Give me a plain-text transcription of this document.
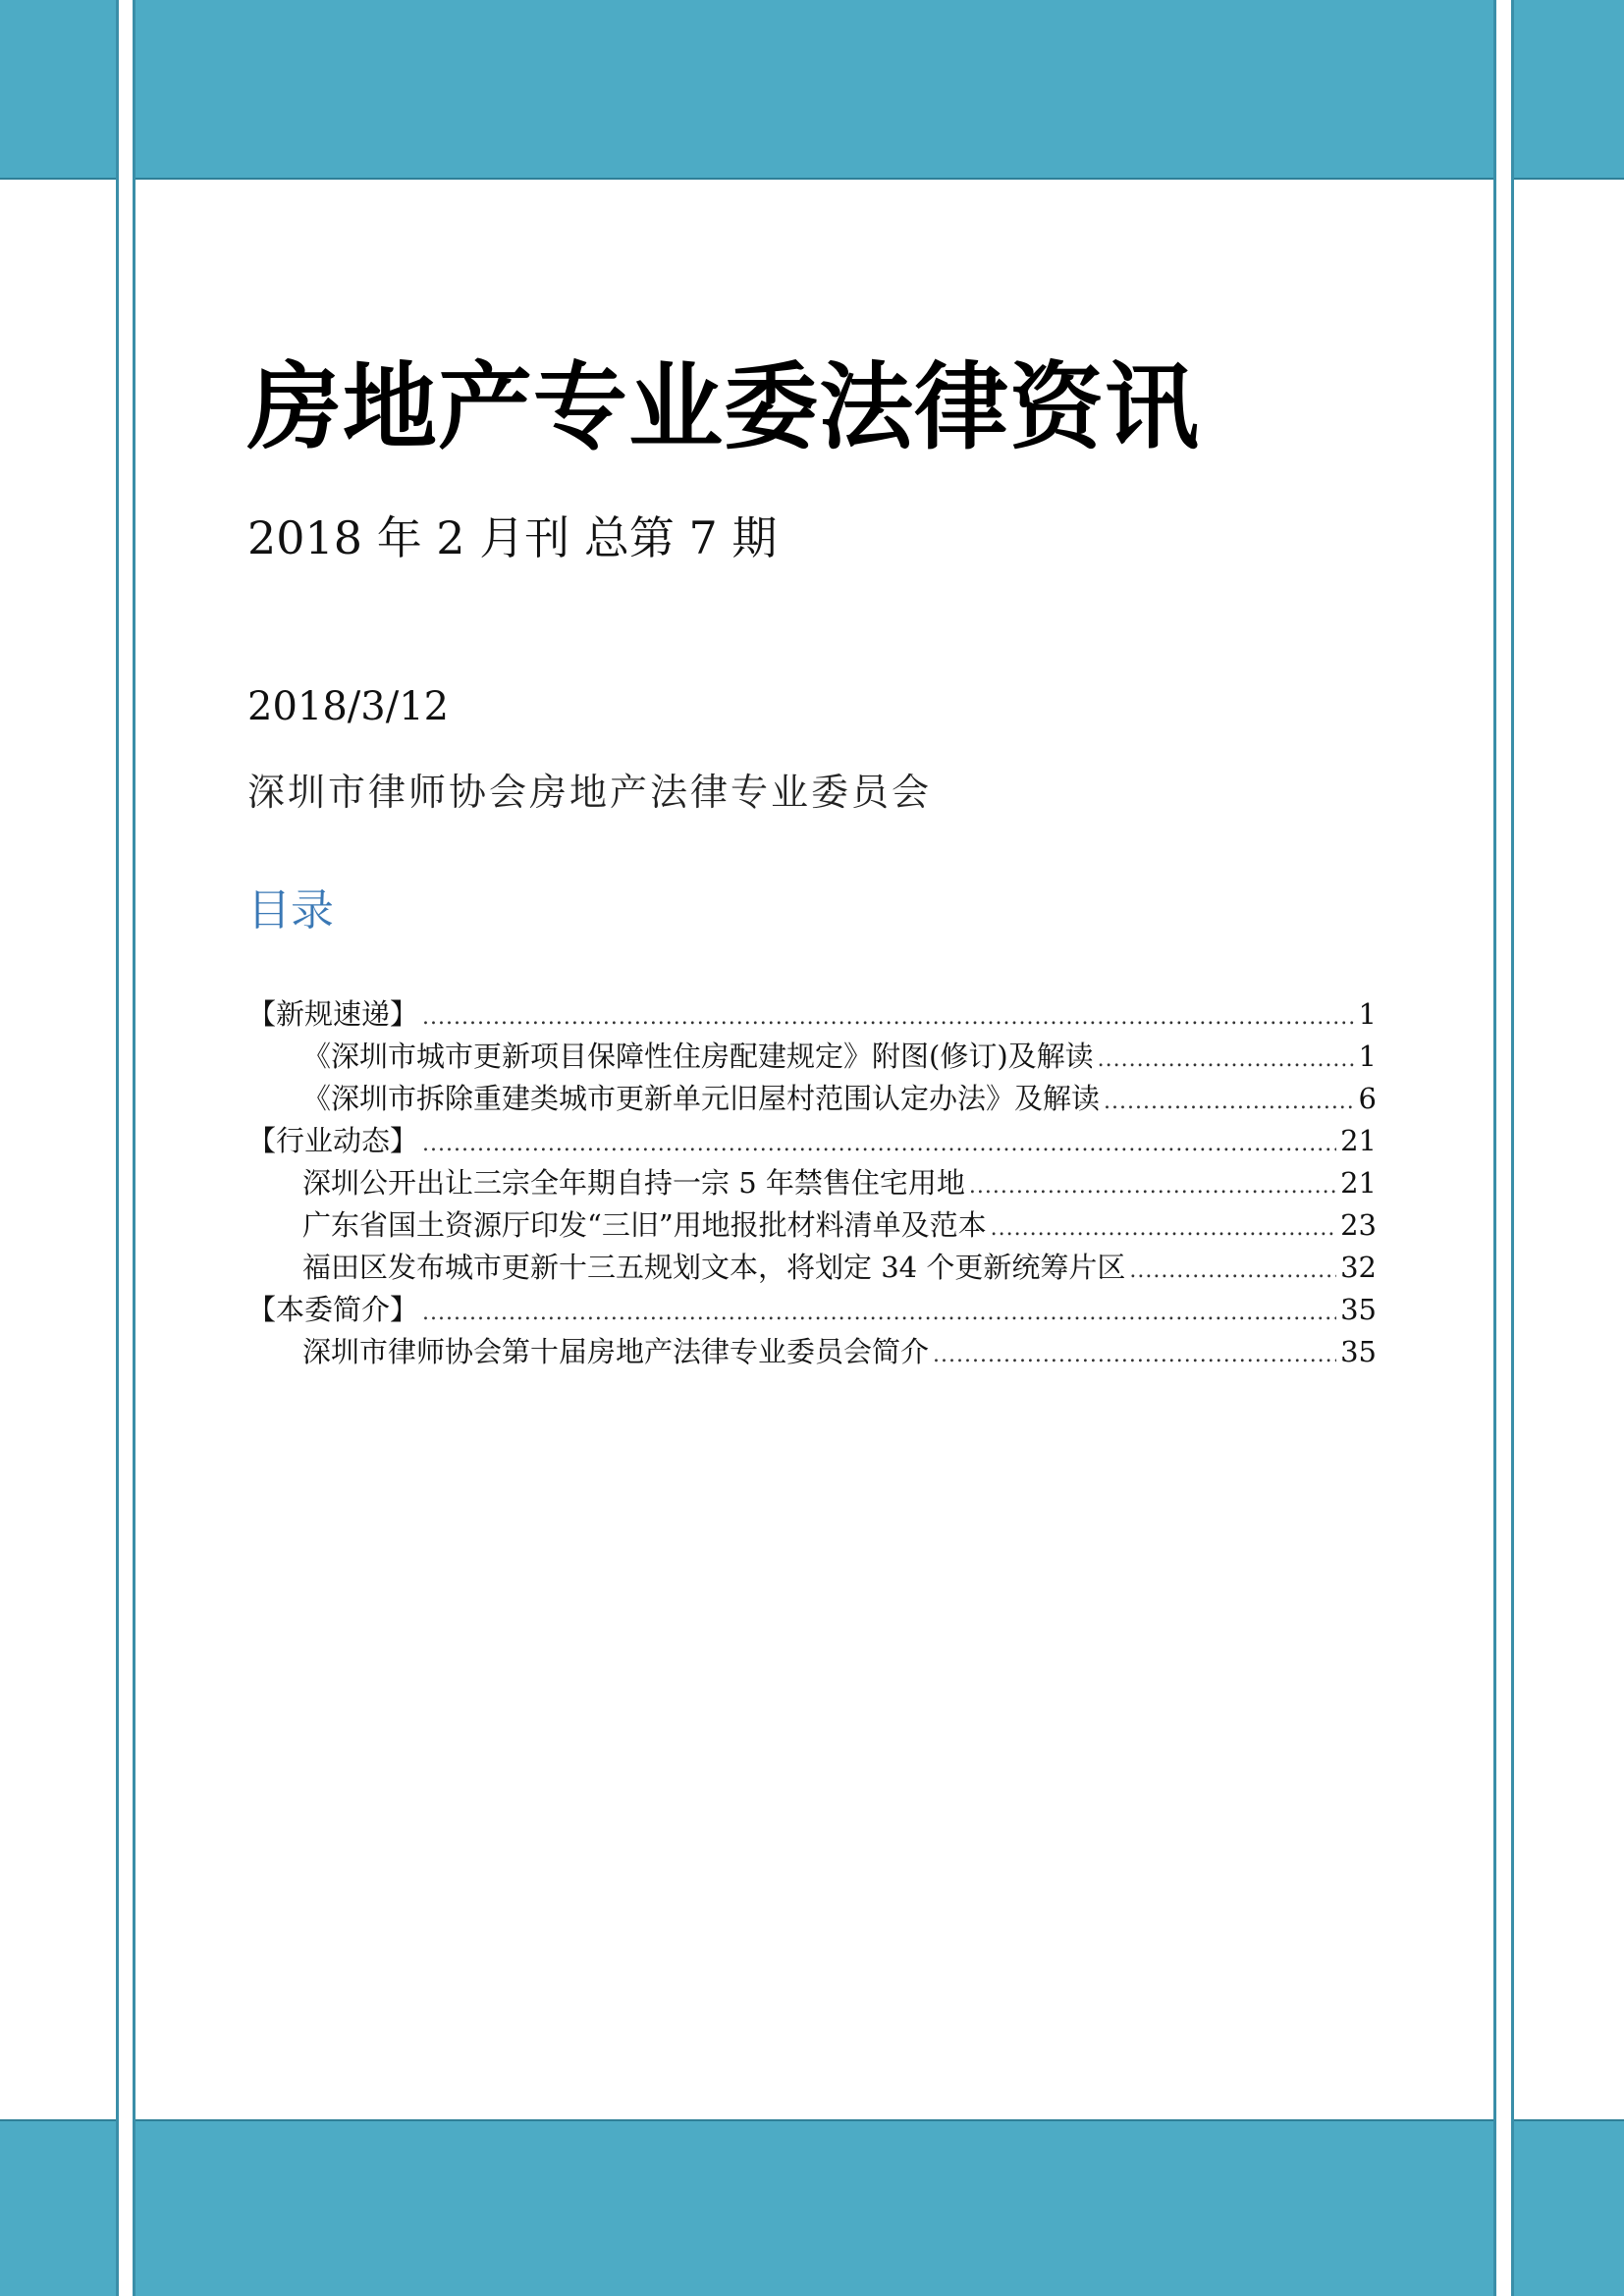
房地产专业委法律资讯
2018 年 2 月刊 总第 7 期
2018/3/12
深圳市律师协会房地产法律专业委员会
目录
【新规速递】 .....	1
《深圳市城市更新项目保障性住房配建规定》附图(修订)及解读 .....	1
《深圳市拆除重建类城市更新单元旧屋村范围认定办法》及解读 .....	6
【行业动态】 .....	21
深圳公开出让三宗全年期自持一宗 5 年禁售住宅用地 .....	21
广东省国土资源厅印发“三旧”用地报批材料清单及范本 .....	23
福田区发布城市更新十三五规划文本，将划定 34 个更新统筹片区 .....	32
【本委简介】 .....	35
深圳市律师协会第十届房地产法律专业委员会简介 .....	35
